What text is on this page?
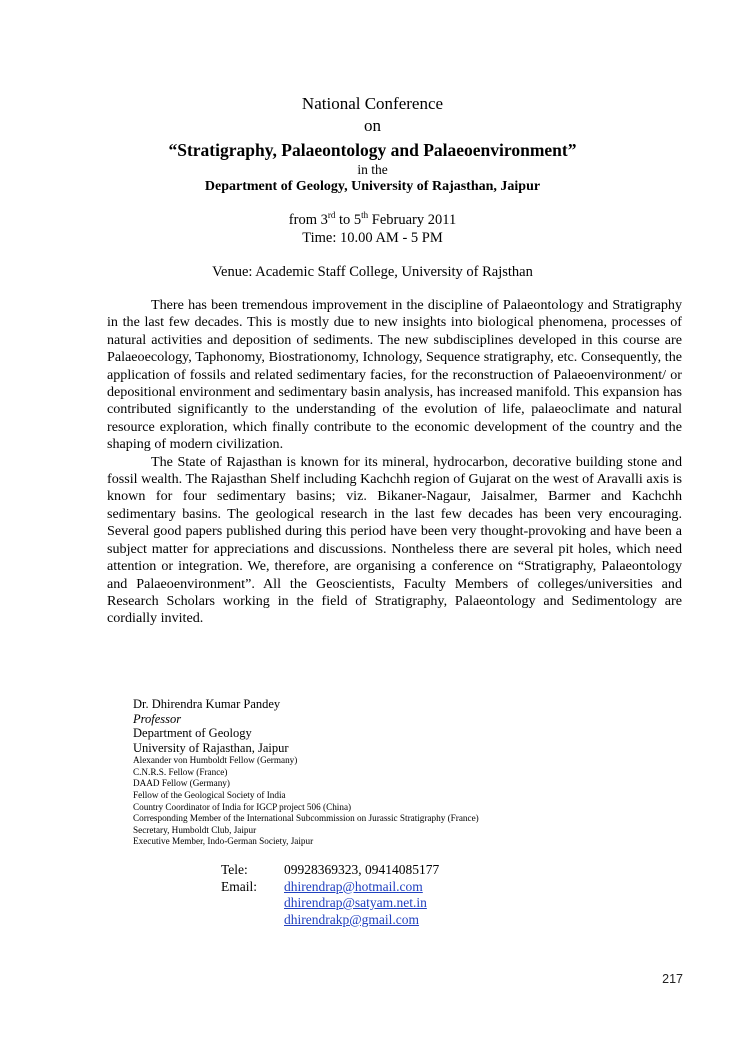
National Conference
on
“Stratigraphy, Palaeontology and Palaeoenvironment”
in the
Department of Geology, University of Rajasthan, Jaipur
from 3rd to 5th February 2011
Time: 10.00 AM - 5 PM
Venue: Academic Staff College, University of Rajsthan

There has been tremendous improvement in the discipline of Palaeontology and Stratigraphy in the last few decades. This is mostly due to new insights into biological phenomena, processes of natural activities and deposition of sediments. The new subdisciplines developed in this course are Palaeoecology, Taphonomy, Biostrationomy, Ichnology, Sequence stratigraphy, etc. Consequently, the application of fossils and related sedimentary facies, for the reconstruction of Palaeoenvironment/ or depositional environment and sedimentary basin analysis, has increased manifold. This expansion has contributed significantly to the understanding of the evolution of life, palaeoclimate and natural resource exploration, which finally contribute to the economic development of the country and the shaping of modern civilization.

The State of Rajasthan is known for its mineral, hydrocarbon, decorative building stone and fossil wealth. The Rajasthan Shelf including Kachchh region of Gujarat on the west of Aravalli axis is known for four sedimentary basins; viz. Bikaner-Nagaur, Jaisalmer, Barmer and Kachchh sedimentary basins. The geological research in the last few decades has been very encouraging. Several good papers published during this period have been very thought-provoking and have been a subject matter for appreciations and discussions. Nontheless there are several pit holes, which need attention or integration. We, therefore, are organising a conference on “Stratigraphy, Palaeontology and Palaeoenvironment”. All the Geoscientists, Faculty Members of colleges/universities and Research Scholars working in the field of Stratigraphy, Palaeontology and Sedimentology are cordially invited.

Dr. Dhirendra Kumar Pandey
Professor
Department of Geology
University of Rajasthan, Jaipur
Alexander von Humboldt Fellow (Germany)
C.N.R.S. Fellow (France)
DAAD Fellow (Germany)
Fellow of the Geological Society of India
Country Coordinator of India for IGCP project 506 (China)
Corresponding Member of the International Subcommission on Jurassic Stratigraphy (France)
Secretary, Humboldt Club, Jaipur
Executive Member, Indo-German Society, Jaipur
Tele:	09928369323, 09414085177
Email:	dhirendrap@hotmail.com
dhirendrap@satyam.net.in
dhirendrakp@gmail.com
217
